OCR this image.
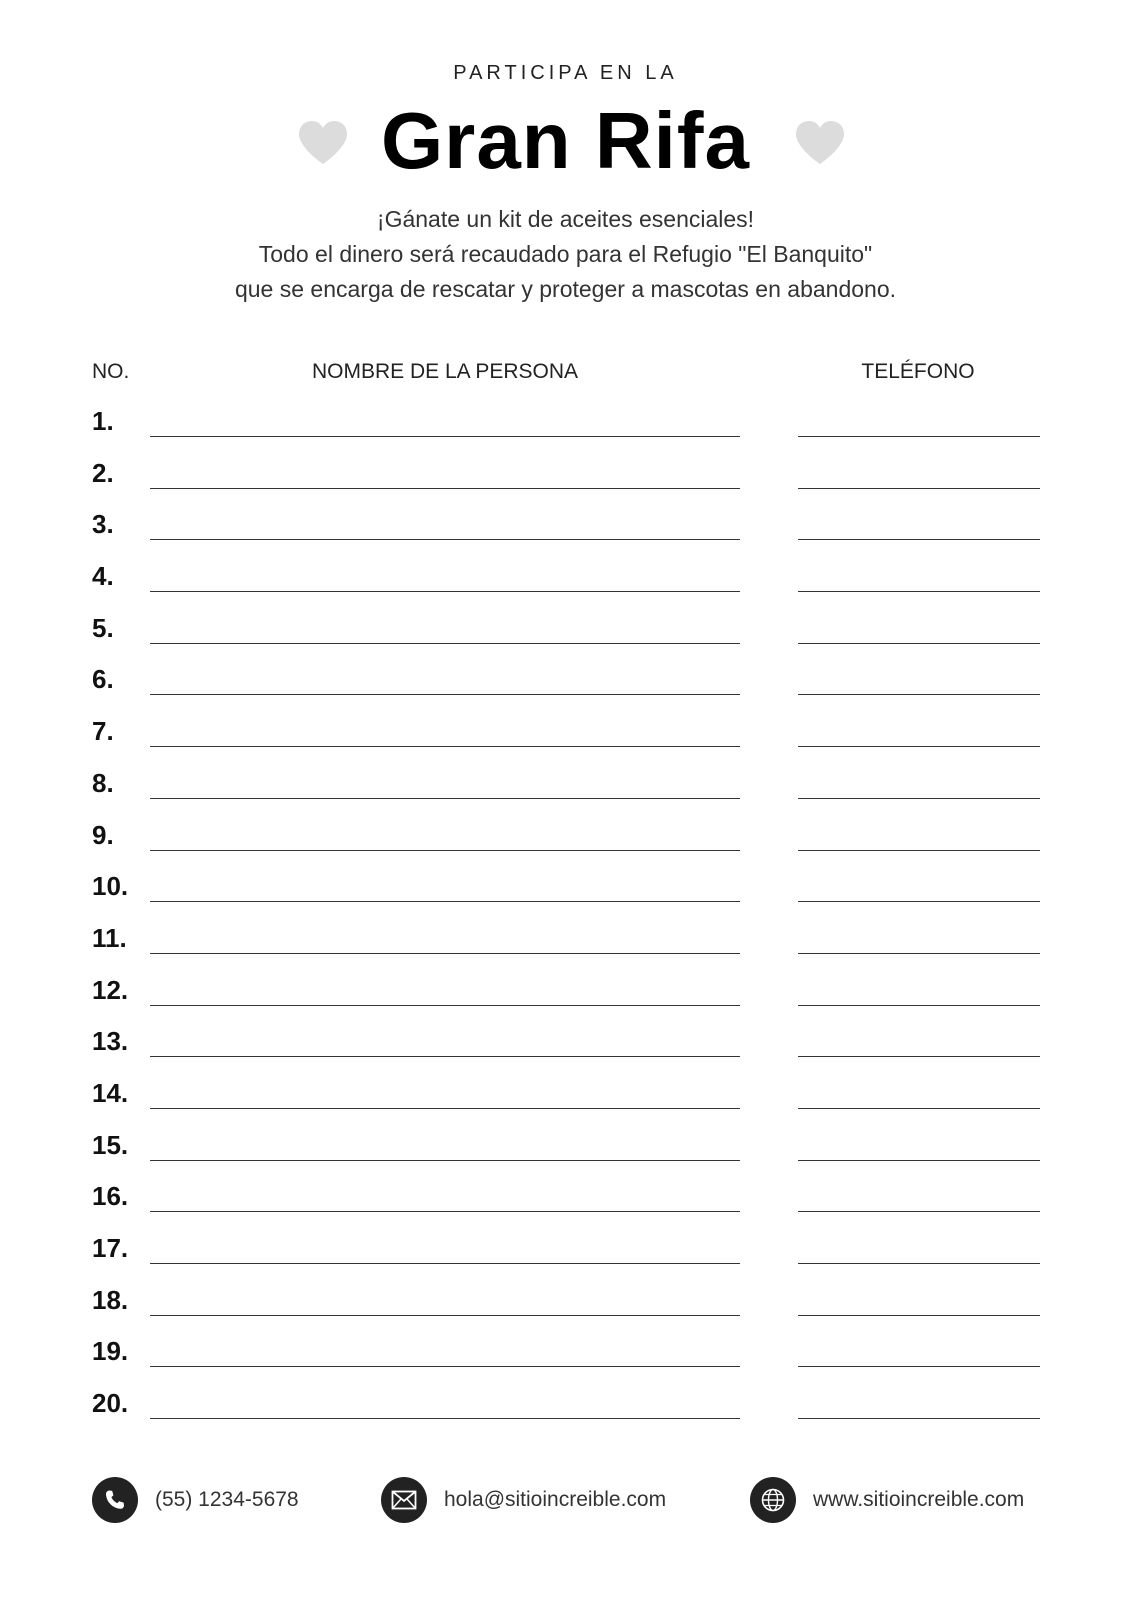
PARTICIPA EN LA
Gran Rifa
¡Gánate un kit de aceites esenciales!
Todo el dinero será recaudado para el Refugio "El Banquito"
que se encarga de rescatar y proteger a mascotas en abandono.
NO.	NOMBRE DE LA PERSONA	TELÉFONO
1.
2.
3.
4.
5.
6.
7.
8.
9.
10.
11.
12.
13.
14.
15.
16.
17.
18.
19.
20.
(55) 1234-5678	hola@sitioincreible.com	www.sitioincreible.com
